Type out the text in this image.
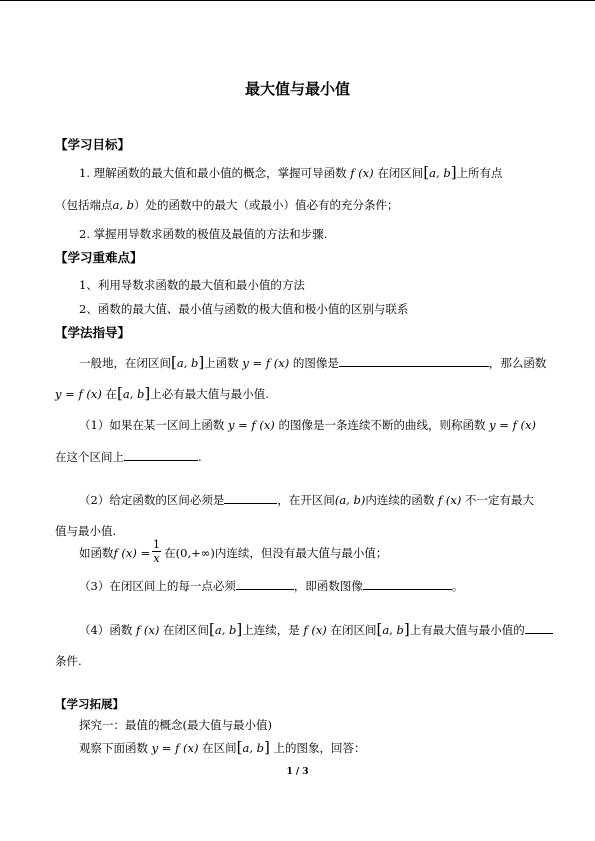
最大值与最小值
【学习目标】
1. 理解函数的最大值和最小值的概念，掌握可导函数 f (x) 在闭区间[a, b]上所有点
（包括端点a, b）处的函数中的最大（或最小）值必有的充分条件；
2. 掌握用导数求函数的极值及最值的方法和步骤.
【学习重难点】
1、利用导数求函数的最大值和最小值的方法
2、函数的最大值、最小值与函数的极大值和极小值的区别与联系
【学法指导】
一般地，在闭区间[a, b]上函数 y = f (x) 的图像是	，那么函数
y = f (x) 在[a, b]上必有最大值与最小值.
（1）如果在某一区间上函数 y = f (x) 的图像是一条连续不断的曲线，则称函数 y = f (x)
在这个区间上	.
（2）给定函数的区间必须是	，在开区间(a, b)内连续的函数 f (x) 不一定有最大
值与最小值.
如函数f (x) = 在(0,+∞)内连续，但没有最大值与最小值；
$\frac{1}{x}$
（3）在闭区间上的每一点必须	，即函数图像	。
（4）函数 f (x) 在闭区间[a, b]上连续，是 f (x) 在闭区间[a, b]上有最大值与最小值的
条件.
【学习拓展】
探究一：最值的概念(最大值与最小值)
观察下面函数 y = f (x) 在区间[a, b] 上的图象，回答：
1 / 3
